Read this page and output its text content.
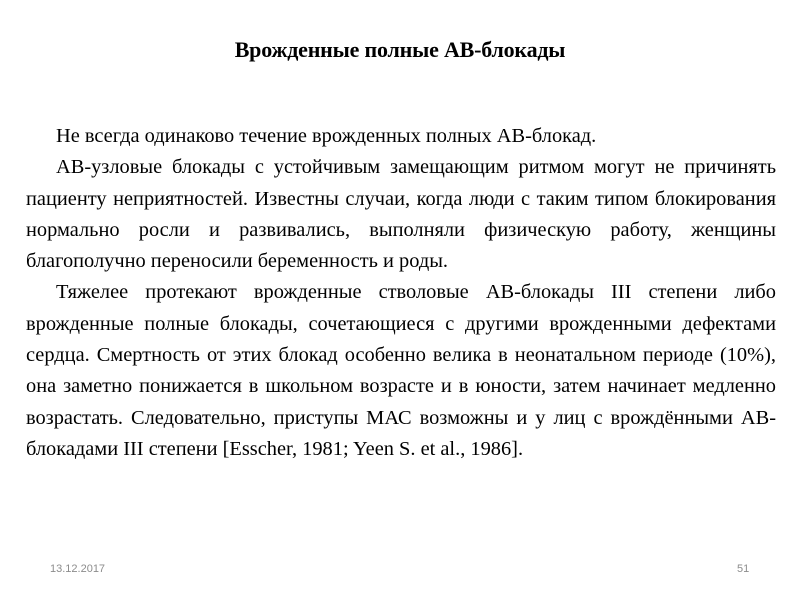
Врожденные полные АВ-блокады

Не всегда одинаково течение врожденных полных АВ-блокад.

АВ-узловые блокады с устойчивым замещающим ритмом могут не причинять пациенту неприятностей. Известны случаи, когда люди с таким типом блокирования нормально росли и развивались, выполняли физическую работу, женщины благополучно переносили беременность и роды.

Тяжелее протекают врожденные стволовые АВ-блокады III степени либо врожденные полные блокады, сочетающиеся с другими врожденными дефектами сердца. Смертность от этих блокад особенно велика в неонатальном периоде (10%), она заметно понижается в школьном возрасте и в юности, затем начинает медленно возрастать. Следовательно, приступы МАС возможны и у лиц с врождёнными АВ-блокадами III степени [Esscher, 1981; Yeen S. et al., 1986].

13.12.2017	51
